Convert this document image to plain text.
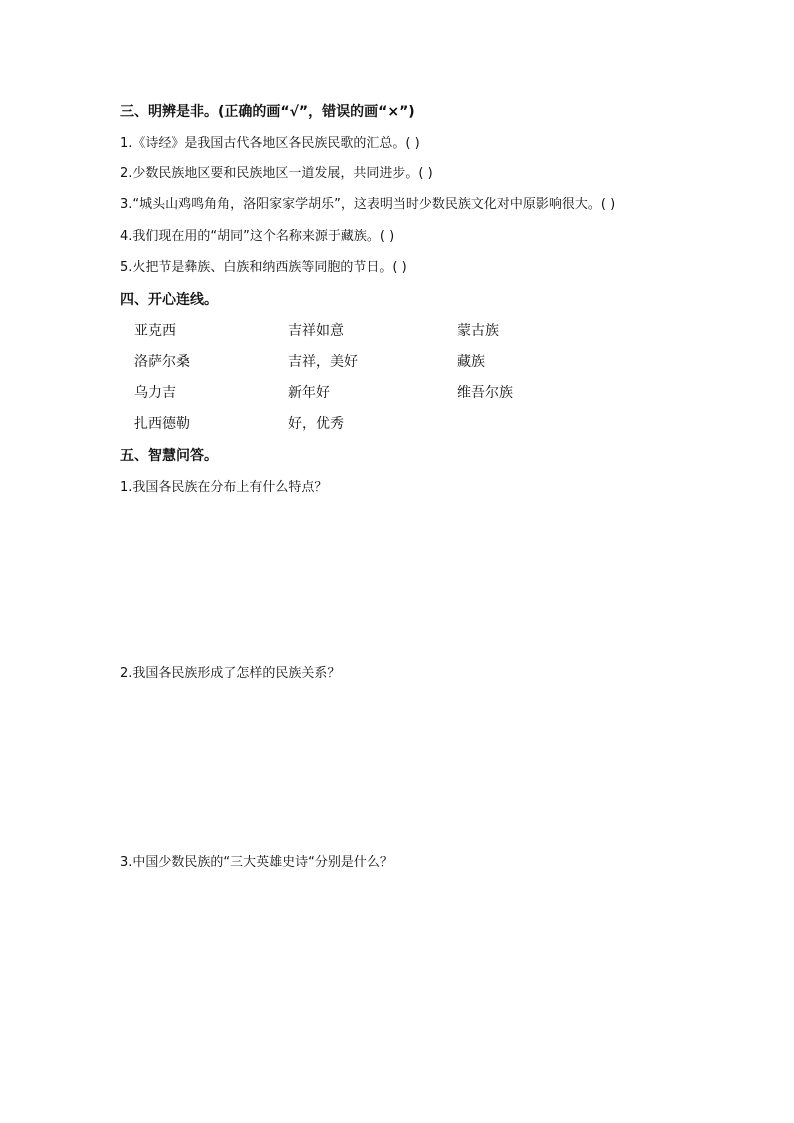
三、明辨是非。(正确的画“√”，错误的画“×”)
1.《诗经》是我国古代各地区各民族民歌的汇总。( )
2.少数民族地区要和民族地区一道发展，共同进步。( )
3.“城头山鸡鸣角角，洛阳家家学胡乐”，这表明当时少数民族文化对中原影响很大。( )
4.我们现在用的“胡同”这个名称来源于藏族。( )
5.火把节是彝族、白族和纳西族等同胞的节日。( )
四、开心连线。
亚克西	吉祥如意	蒙古族
洛萨尔桑	吉祥，美好	藏族
乌力吉	新年好	维吾尔族
扎西德勒	好，优秀
五、智慧问答。
1.我国各民族在分布上有什么特点？
2.我国各民族形成了怎样的民族关系？
3.中国少数民族的“三大英雄史诗“分别是什么？
